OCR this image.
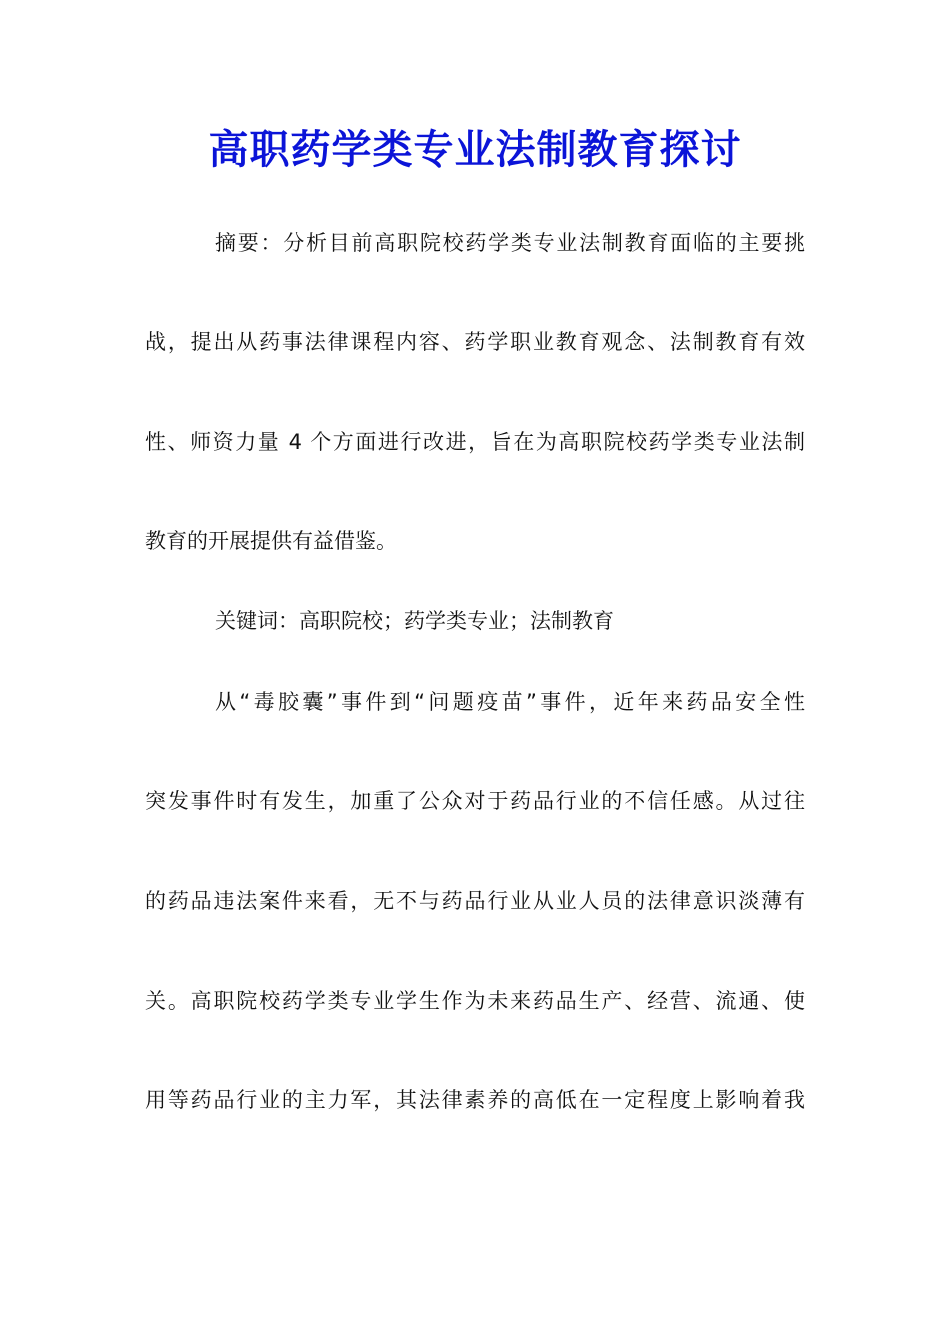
高职药学类专业法制教育探讨

摘要：分析目前高职院校药学类专业法制教育面临的主要挑

战，提出从药事法律课程内容、药学职业教育观念、法制教育有效

性、师资力量 4 个方面进行改进，旨在为高职院校药学类专业法制

教育的开展提供有益借鉴。

关键词：高职院校；药学类专业；法制教育

从“毒胶囊”事件到“问题疫苗”事件，近年来药品安全性

突发事件时有发生，加重了公众对于药品行业的不信任感。从过往

的药品违法案件来看，无不与药品行业从业人员的法律意识淡薄有

关。高职院校药学类专业学生作为未来药品生产、经营、流通、使

用等药品行业的主力军，其法律素养的高低在一定程度上影响着我
